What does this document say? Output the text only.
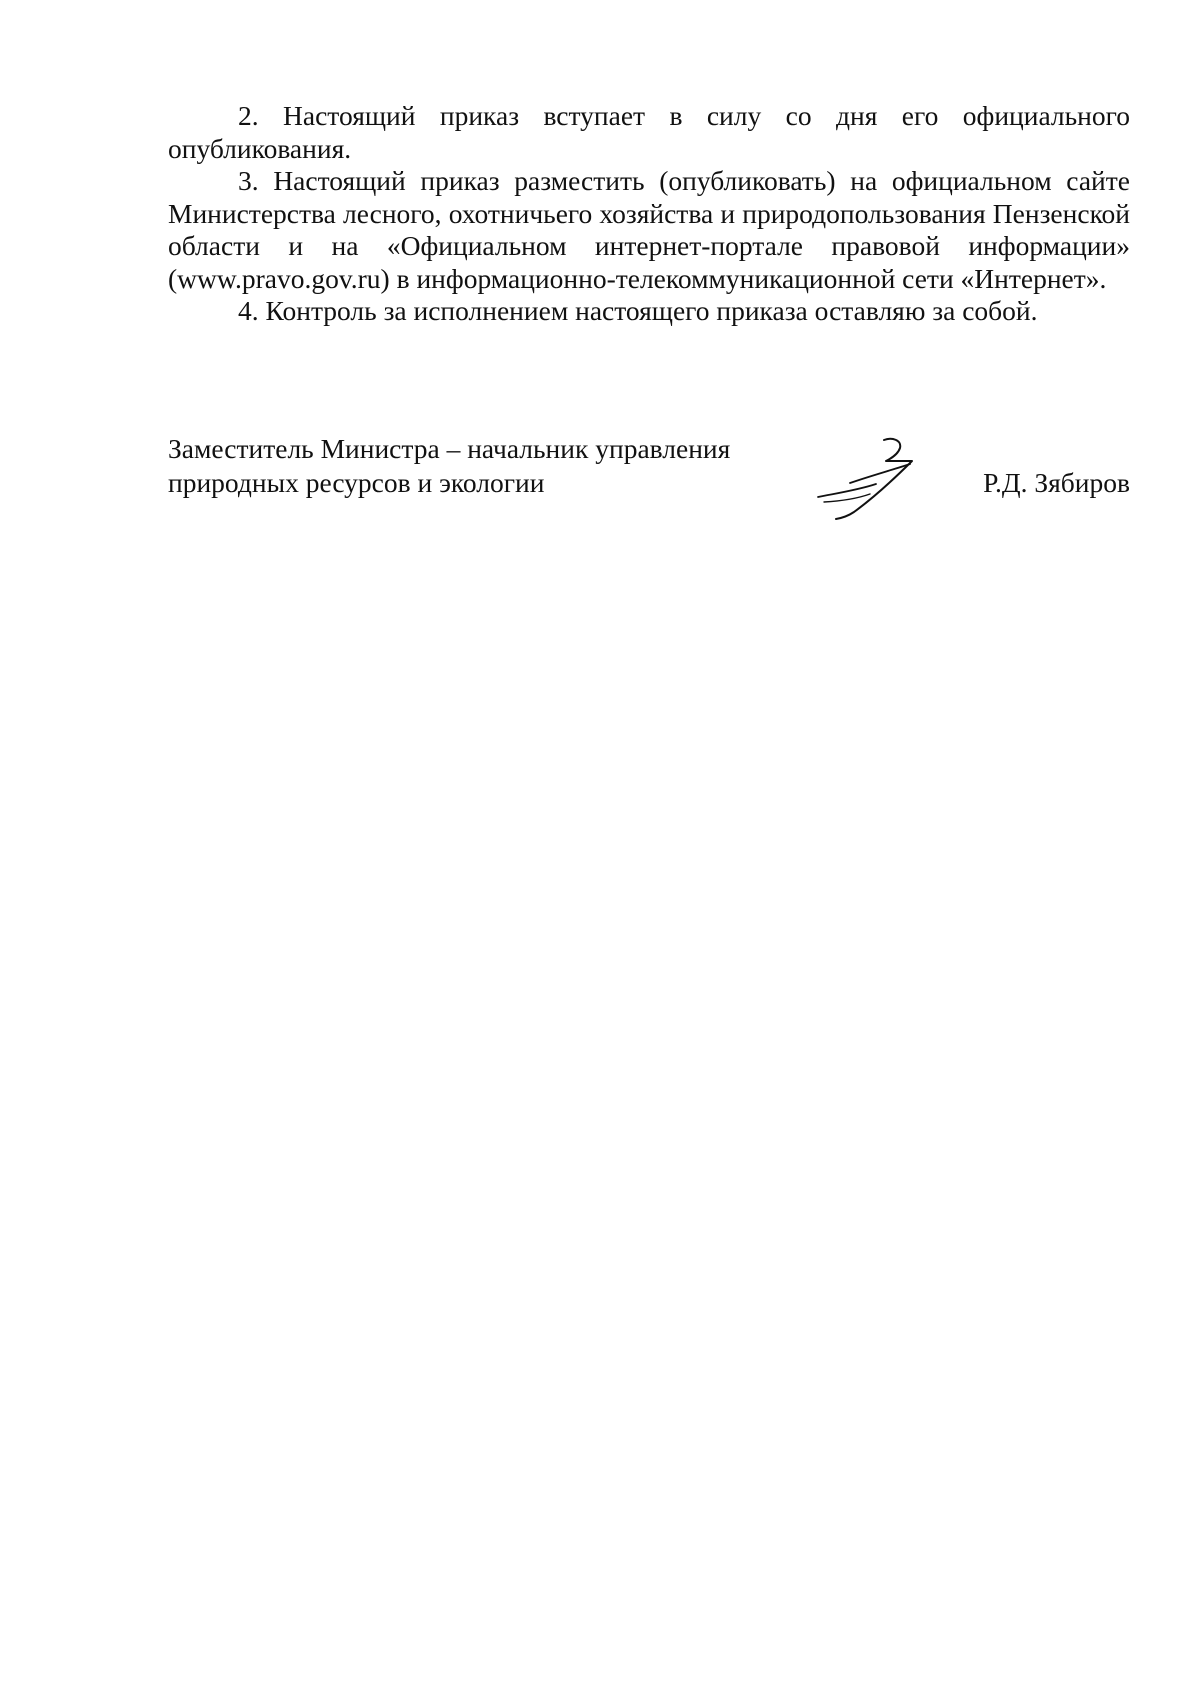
2. Настоящий приказ вступает в силу со дня его официального опубликования.

3. Настоящий приказ разместить (опубликовать) на официальном сайте Министерства лесного, охотничьего хозяйства и природопользования Пензенской области и на «Официальном интернет-портале правовой информации» (www.pravo.gov.ru) в информационно-телекоммуникационной сети «Интернет».

4. Контроль за исполнением настоящего приказа оставляю за собой.

Заместитель Министра – начальник управления
природных ресурсов и экологии	Р.Д. Зябиров
